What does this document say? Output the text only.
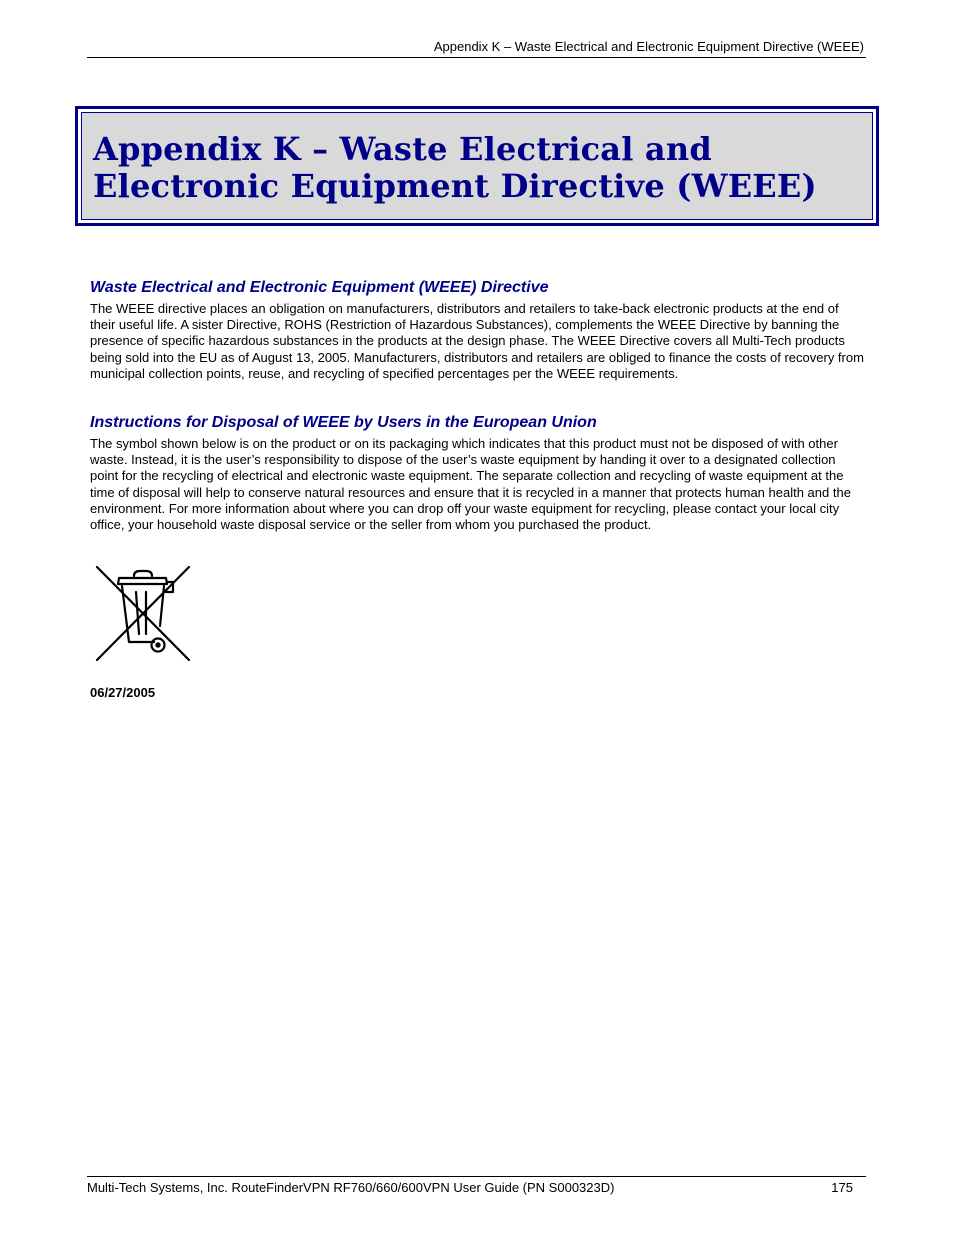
Appendix K – Waste Electrical and Electronic Equipment Directive (WEEE)
Appendix K – Waste Electrical and
Electronic Equipment Directive (WEEE)
Waste Electrical and Electronic Equipment (WEEE) Directive

The WEEE directive places an obligation on manufacturers, distributors and retailers to take-back electronic products at the end of their useful life. A sister Directive, ROHS (Restriction of Hazardous Substances), complements the WEEE Directive by banning the presence of specific hazardous substances in the products at the design phase. The WEEE Directive covers all Multi-Tech products being sold into the EU as of August 13, 2005. Manufacturers, distributors and retailers are obliged to finance the costs of recovery from municipal collection points, reuse, and recycling of specified percentages per the WEEE requirements.

Instructions for Disposal of WEEE by Users in the European Union

The symbol shown below is on the product or on its packaging which indicates that this product must not be disposed of with other waste. Instead, it is the user’s responsibility to dispose of the user’s waste equipment by handing it over to a designated collection point for the recycling of electrical and electronic waste equipment. The separate collection and recycling of waste equipment at the time of disposal will help to conserve natural resources and ensure that it is recycled in a manner that protects human health and the environment. For more information about where you can drop off your waste equipment for recycling, please contact your local city office, your household waste disposal service or the seller from whom you purchased the product.

06/27/2005
Multi-Tech Systems, Inc. RouteFinderVPN RF760/660/600VPN User Guide (PN S000323D)	175
